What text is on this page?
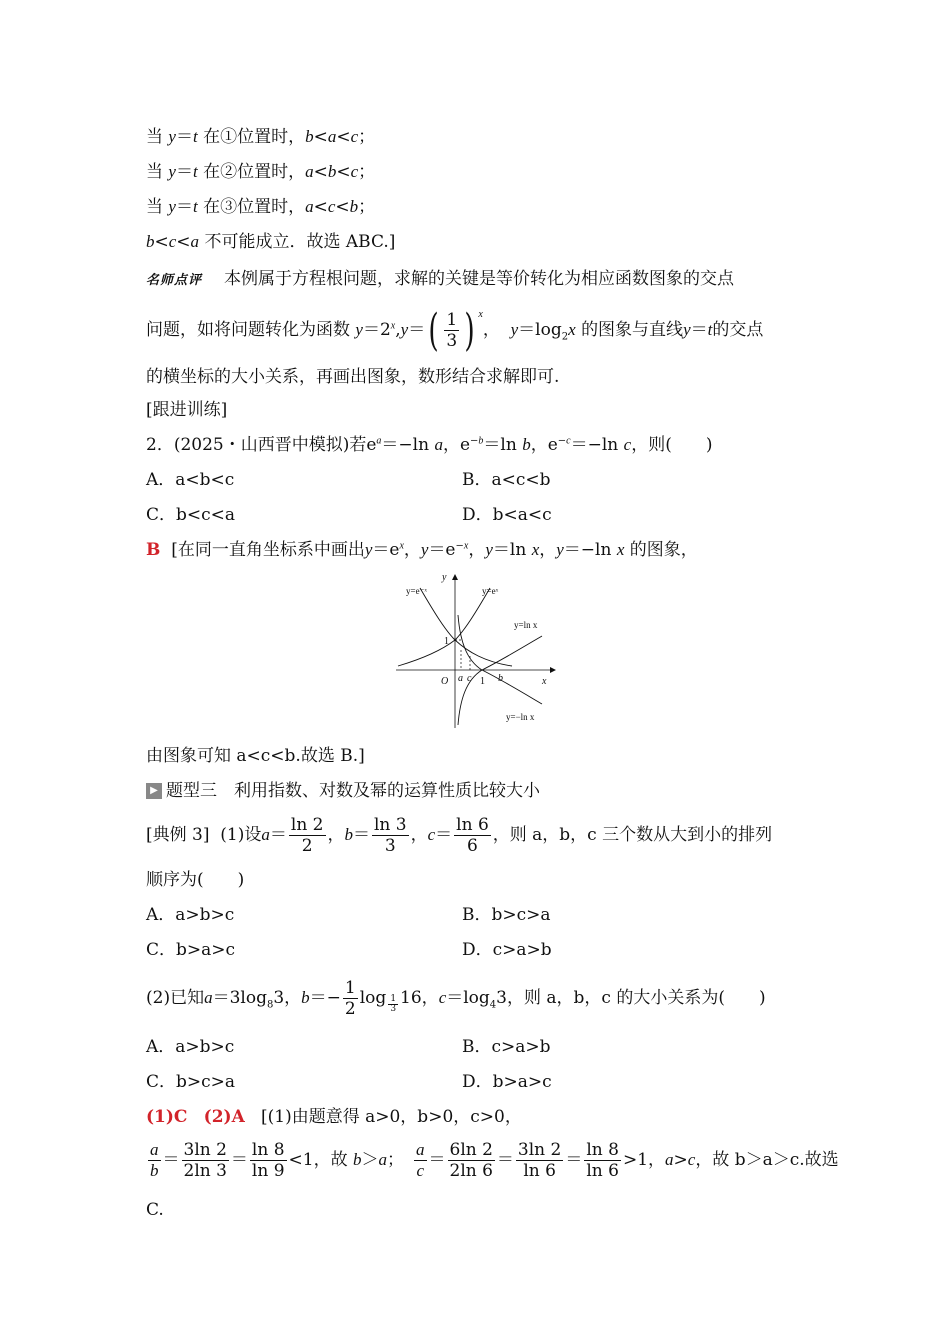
当 y＝t 在①位置时，b<a<c；
当 y＝t 在②位置时，a<b<c；
当 y＝t 在③位置时，a<c<b；
b<c<a 不可能成立．故选 ABC.]
名师点评 本例属于方程根问题，求解的关键是等价转化为相应函数图象的交点
问题，如将问题转化为函数 $y=2^x,y=( \frac{1}{3}$ ) $^x$，  $y=\log_2x$ 的图象与直线y＝t的交点
的横坐标的大小关系，再画出图象，数形结合求解即可.
[跟进训练]
2．(2025・山西晋中模拟)若$e^a=-\ln$ a，$e^{-b}=\ln$ b，$e^{-c}=-\ln$ c，则(　　)
A．a<b<c	B．a<c<b
C．b<c<a	D．b<a<c
B [在同一直角坐标系中画出$y=e^x$，$y=e^{-x}$，y＝ln x，y＝−ln x 的图象，
y=e⁻ˣ	y=eˣ
y=ln x
y=−ln x
y
x
O
1
1
a c	b
由图象可知 a<c<b.故选 B.]
▶ 题型三　利用指数、对数及幂的运算性质比较大小
[典例 3] (1)设$a= \frac{\ln 2}{2}$ ，$b= \frac{\ln 3}{3}$ ，$c= \frac{\ln 6}{6}$ ，则 a，b，c 三个数从大到小的排列
顺序为(　　)
A．a>b>c	B．b>c>a
C．b>a>c	D．c>a>b
(2)已知$a=3\log_83$，$b=- \frac{1}{2}$ log $_{\frac{1}{3}}$ 16，$c=\log_43$，则 a，b，c 的大小关系为(　　)
A．a>b>c	B．c>a>b
C．b>c>a	D．b>a>c
(1)C (2)A [(1)由题意得 a>0，b>0，c>0，
$\frac{a}{b} = \frac{3\ln 2}{2\ln 3} = \frac{\ln 8}{\ln 9} <1$，故 b＞a； $\frac{a}{c} = \frac{6\ln 2}{2\ln 6} = \frac{3\ln 2}{\ln 6} = \frac{\ln 8}{\ln 6} >1$，a>c，故 b＞a＞c.故选
C.
